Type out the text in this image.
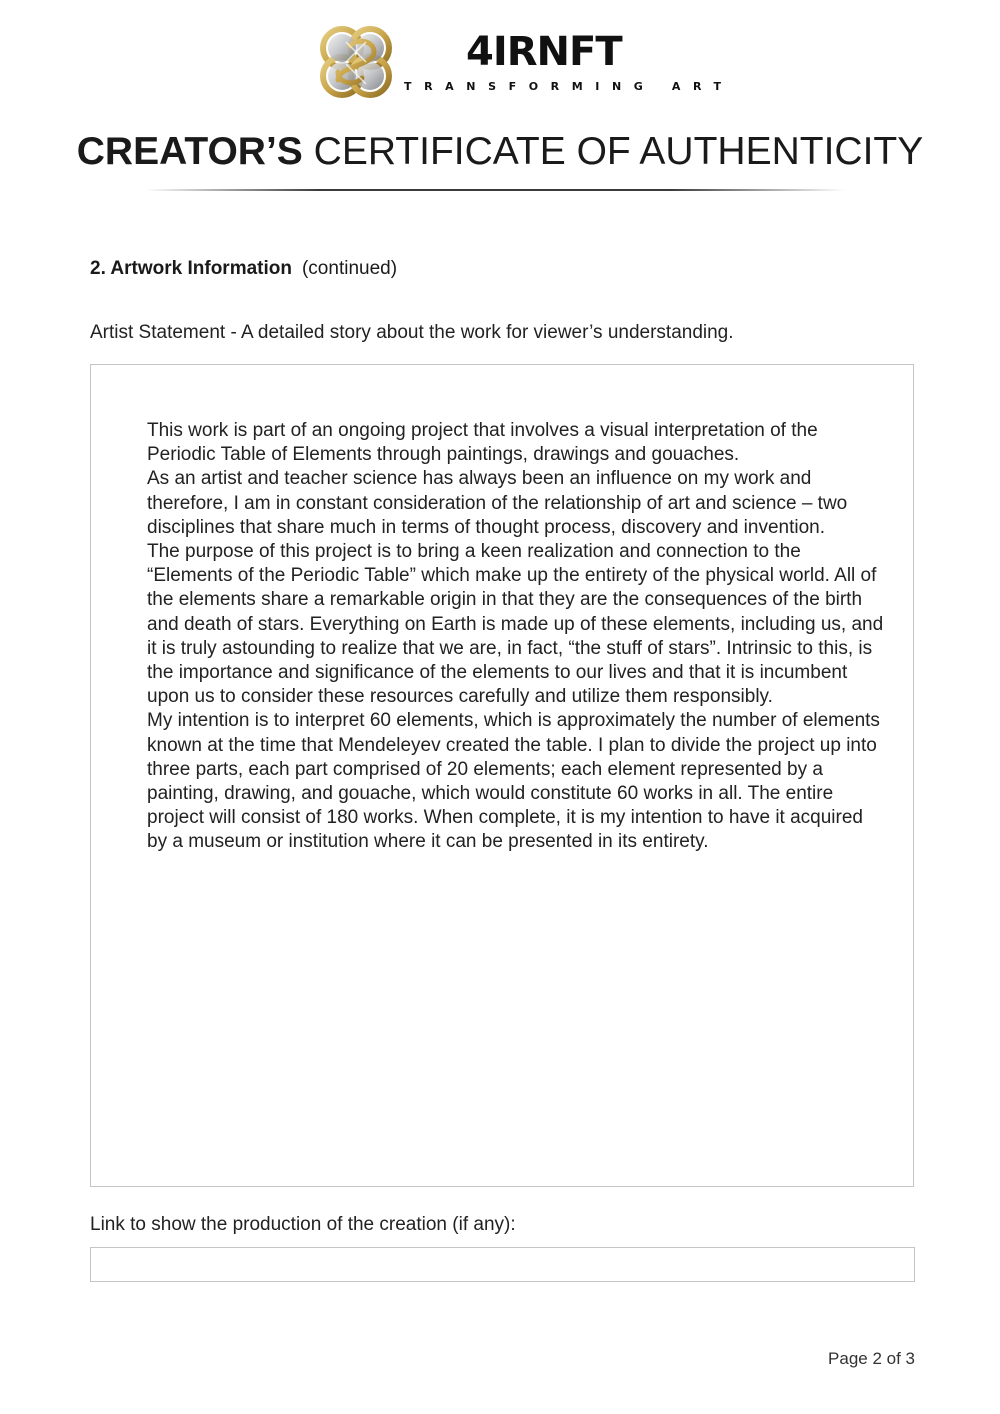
4IRNFT
TRANSFORMING ART
CREATOR’S CERTIFICATE OF AUTHENTICITY
2. Artwork Information (continued)
Artist Statement - A detailed story about the work for viewer’s understanding.

This work is part of an ongoing project that involves a visual interpretation of the Periodic Table of Elements through paintings, drawings and gouaches.

As an artist and teacher science has always been an influence on my work and therefore, I am in constant consideration of the relationship of art and science – two disciplines that share much in terms of thought process, discovery and invention.

The purpose of this project is to bring a keen realization and connection to the “Elements of the Periodic Table” which make up the entirety of the physical world. All of the elements share a remarkable origin in that they are the consequences of the birth and death of stars. Everything on Earth is made up of these elements, including us, and it is truly astounding to realize that we are, in fact, “the stuff of stars”. Intrinsic to this, is the importance and significance of the elements to our lives and that it is incumbent upon us to consider these resources carefully and utilize them responsibly.

My intention is to interpret 60 elements, which is approximately the number of elements known at the time that Mendeleyev created the table. I plan to divide the project up into three parts, each part comprised of 20 elements; each element represented by a painting, drawing, and gouache, which would constitute 60 works in all. The entire project will consist of 180 works. When complete, it is my intention to have it acquired by a museum or institution where it can be presented in its entirety.

Link to show the production of the creation (if any):
Page 2 of 3
